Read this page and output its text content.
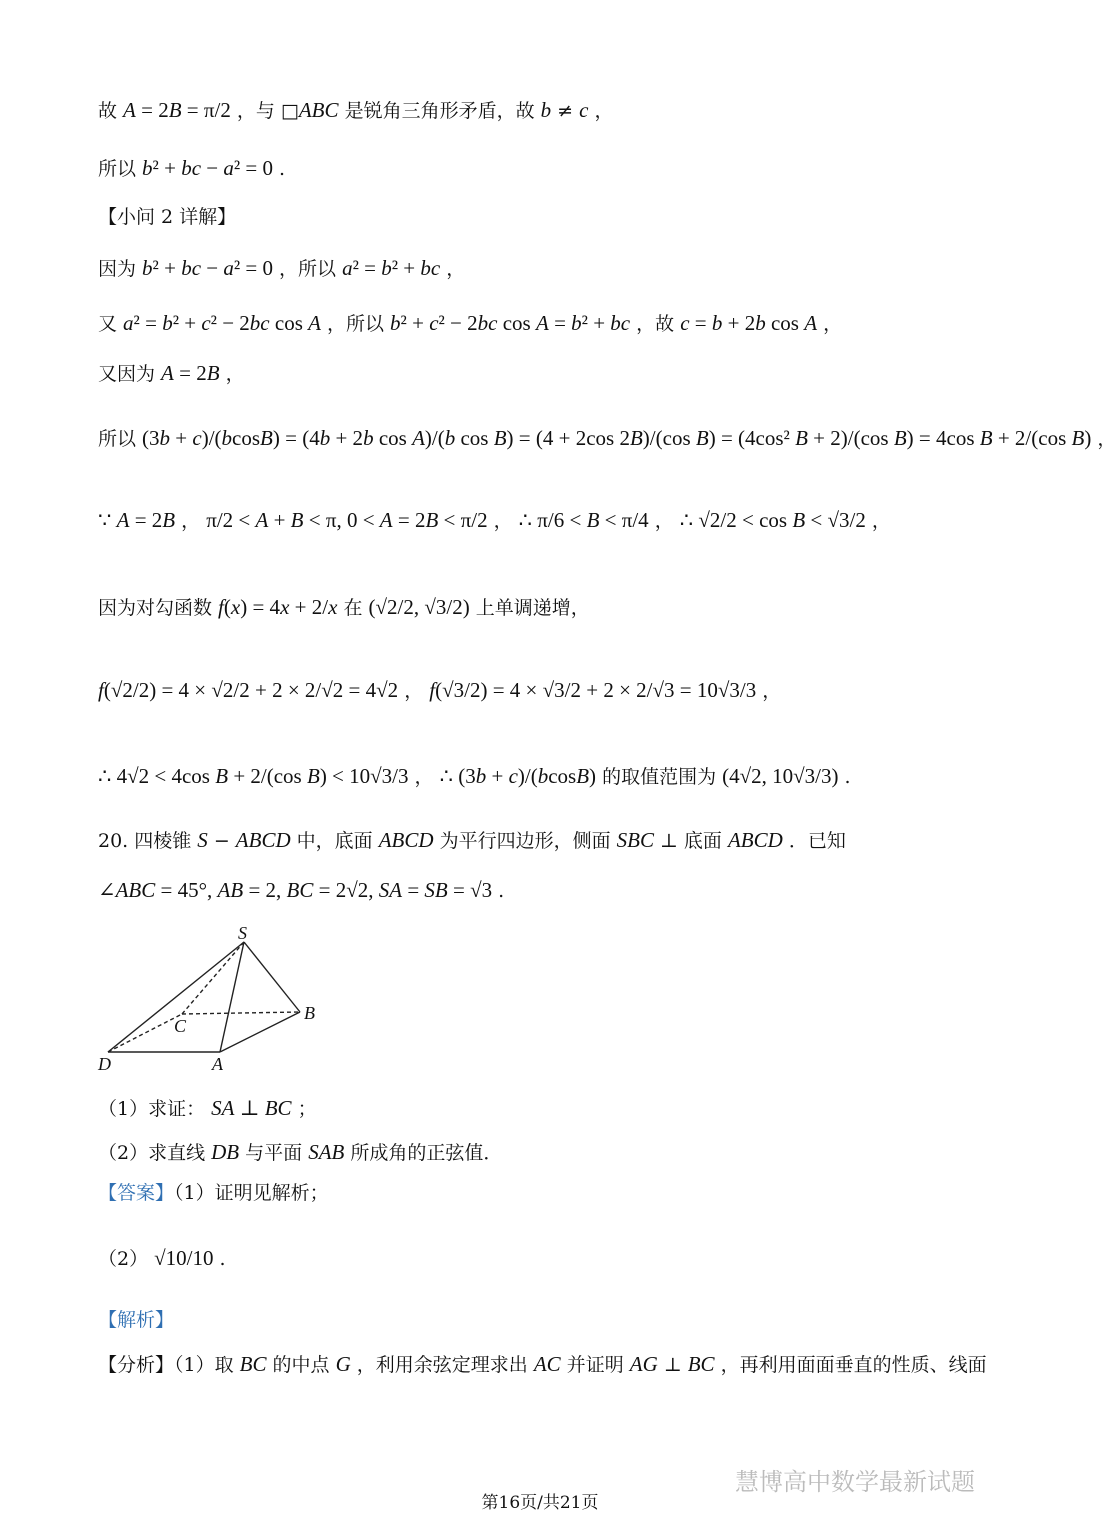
故 A = 2B = π/2 ，与 □ABC 是锐角三角形矛盾，故 b ≠ c ，
所以 b² + bc − a² = 0 .
【小问 2 详解】
因为 b² + bc − a² = 0 ，所以 a² = b² + bc ，
又 a² = b² + c² − 2bc cos A ，所以 b² + c² − 2bc cos A = b² + bc ，故 c = b + 2b cos A ，
又因为 A = 2B ，
所以 (3b + c)/(bcosB) = (4b + 2b cos A)/(b cos B) = (4 + 2cos 2B)/(cos B) = (4cos² B + 2)/(cos B) = 4cos B + 2/(cos B) ，
∵ A = 2B ， π/2 < A + B < π, 0 < A = 2B < π/2 ， ∴ π/6 < B < π/4 ， ∴ √2/2 < cos B < √3/2 ，
因为对勾函数 f(x) = 4x + 2/x 在 (√2/2, √3/2) 上单调递增，
f(√2/2) = 4 × √2/2 + 2 × 2/√2 = 4√2 ， f(√3/2) = 4 × √3/2 + 2 × 2/√3 = 10√3/3 ，
∴ 4√2 < 4cos B + 2/(cos B) < 10√3/3 ， ∴ (3b + c)/(bcosB) 的取值范围为 (4√2, 10√3/3) .
20. 四棱锥 S − ABCD 中，底面 ABCD 为平行四边形，侧面 SBC ⊥ 底面 ABCD ．已知
∠ABC = 45°, AB = 2, BC = 2√2, SA = SB = √3 .
S
C
B
D	A
（1）求证： SA ⊥ BC ；
（2）求直线 DB 与平面 SAB 所成角的正弦值．
【答案】（1）证明见解析；
（2） √10/10 .
【解析】
【分析】（1）取 BC 的中点 G ，利用余弦定理求出 AC 并证明 AG ⊥ BC ，再利用面面垂直的性质、线面
慧博高中数学最新试题
第16页/共21页
